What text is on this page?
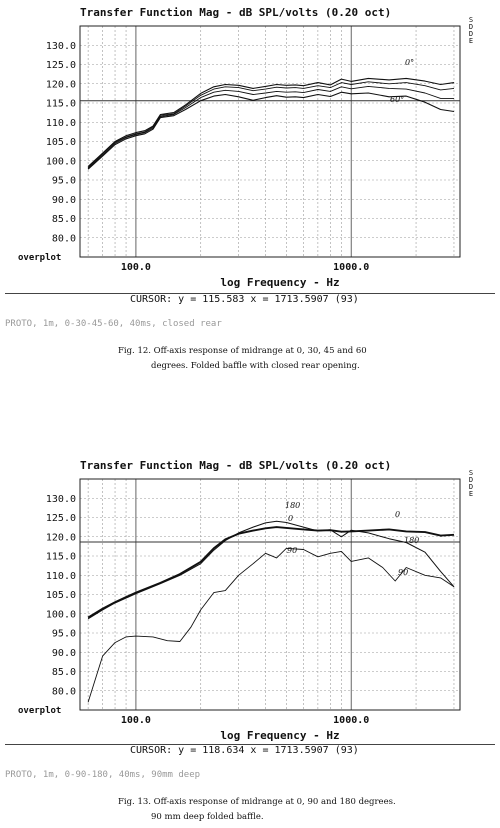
Transfer Function Mag - dB SPL/volts (0.20 oct)
S
D
D
E
130.0
125.0
120.0
115.0
110.0
105.0
100.0
95.0
90.0
85.0
80.0
overplot
100.0	1000.0
log Frequency - Hz
0°
60°
CURSOR: y = 115.583 x = 1713.5907 (93)
PROTO, 1m, 0-30-45-60, 40ms, closed rear
Fig. 12. Off-axis response of midrange at 0, 30, 45 and 60
degrees. Folded baffle with closed rear opening.
Transfer Function Mag - dB SPL/volts (0.20 oct)
S
D
D
E
130.0
125.0
120.0
115.0
110.0
105.0
100.0
95.0
90.0
85.0
80.0
overplot
100.0	1000.0
log Frequency - Hz
180
0
90
0
180
90
CURSOR: y = 118.634 x = 1713.5907 (93)
PROTO, 1m, 0-90-180, 40ms, 90mm deep
Fig. 13. Off-axis response of midrange at 0, 90 and 180 degrees.
90 mm deep folded baffle.
